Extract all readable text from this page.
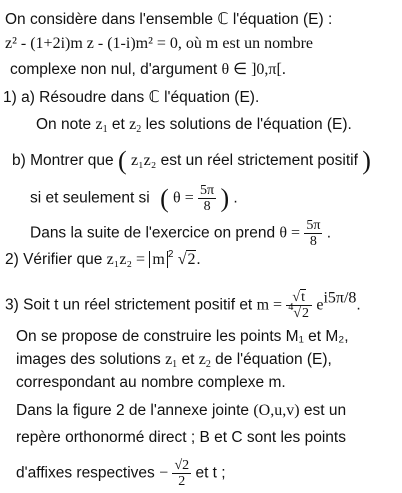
On considère dans l'ensemble ℂ l'équation (E) :
z² - (1+2i)m z - (1-i)m² = 0, où m est un nombre
complexe non nul, d'argument θ ∈ ]0,π[.
1) a) Résoudre dans ℂ l'équation (E).
On note $z_1$ et $z_2$ les solutions de l'équation (E).
b) Montrer que ( z₁z₂ est un réel strictement positif )
si et seulement si ( $\theta = \frac{5\pi}{8}$ ) .
Dans la suite de l'exercice on prend $\theta = \frac{5\pi}{8}$ .
2) Vérifier que z₁z₂ = m $^2$ √2.
3) Soit t un réel strictement positif et $m = \frac{√t}{^4√2} e^{i5\pi/8}$.
On se propose de construire les points M₁ et M₂,
images des solutions $z_1$ et $z_2$ de l'équation (E),
correspondant au nombre complexe m.
Dans la figure 2 de l'annexe jointe (O,u,v) est un
repère orthonormé direct ; B et C sont les points
d'affixes respectives − $\frac{√2}{2}$ et t ;
